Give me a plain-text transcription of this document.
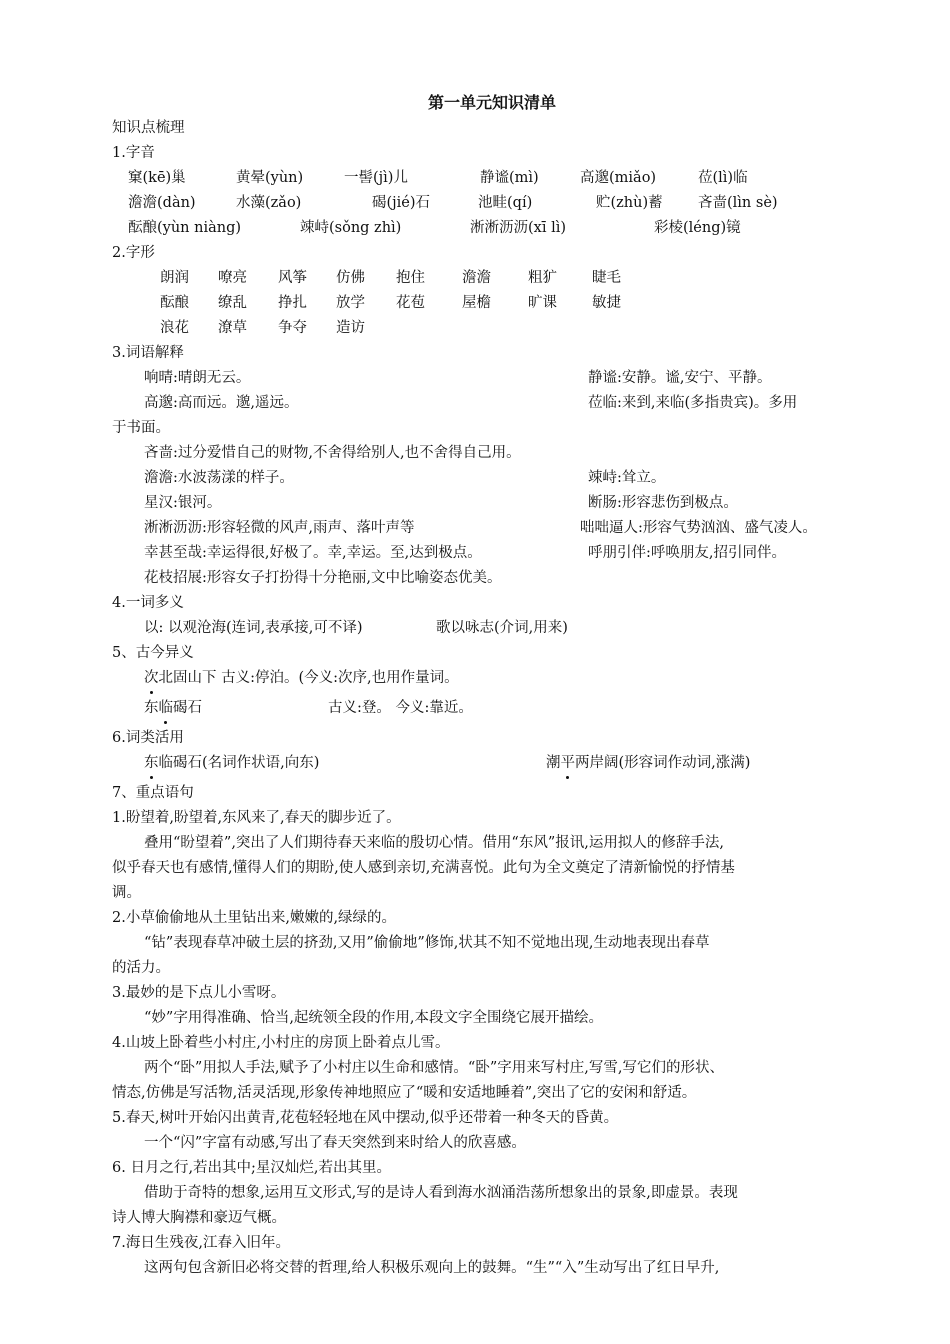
第一单元知识清单
知识点梳理
1.字音
窠(kē)巢	黄晕(yùn)	一髻(jì)儿	静谧(mì)	高邈(miǎo)	莅(lì)临
澹澹(dàn)	水藻(zǎo)	碣(jié)石	池畦(qí)	贮(zhù)蓄	吝啬(lìn sè)
酝酿(yùn niàng)	竦峙(sǒng zhì)	淅淅沥沥(xī lì)	彩棱(léng)镜
2.字形
朗润	嘹亮	风筝	仿佛	抱住	澹澹	粗犷	睫毛
酝酿	缭乱	挣扎	放学	花苞	屋檐	旷课	敏捷
浪花	潦草	争夺	造访
3.词语解释
响晴:晴朗无云。	静谧:安静。谧,安宁、平静。
高邈:高而远。邈,遥远。	莅临:来到,来临(多指贵宾)。多用
于书面。
吝啬:过分爱惜自己的财物,不舍得给别人,也不舍得自己用。
澹澹:水波荡漾的样子。	竦峙:耸立。
星汉:银河。	断肠:形容悲伤到极点。
淅淅沥沥:形容轻微的风声,雨声、落叶声等	咄咄逼人:形容气势汹汹、盛气凌人。
幸甚至哉:幸运得很,好极了。幸,幸运。至,达到极点。	呼朋引伴:呼唤朋友,招引同伴。
花枝招展:形容女子打扮得十分艳丽,文中比喻姿态优美。
4.一词多义
以: 以观沧海(连词,表承接,可不译)	歌以咏志(介词,用来)
5、古今异义
次北固山下 古义:停泊。(今义:次序,也用作量词。
东临碣石	古义:登。 今义:靠近。
6.词类活用
东临碣石(名词作状语,向东)	潮平两岸阔(形容词作动词,涨满)
7、重点语句
1.盼望着,盼望着,东风来了,春天的脚步近了。
叠用“盼望着”,突出了人们期待春天来临的殷切心情。借用“东风”报讯,运用拟人的修辞手法,
似乎春天也有感情,懂得人们的期盼,使人感到亲切,充满喜悦。此句为全文奠定了清新愉悦的抒情基
调。
2.小草偷偷地从土里钻出来,嫩嫩的,绿绿的。
“钻”表现春草冲破土层的挤劲,又用”偷偷地”修饰,状其不知不觉地出现,生动地表现出春草
的活力。
3.最妙的是下点儿小雪呀。
“妙”字用得准确、恰当,起统领全段的作用,本段文字全围绕它展开描绘。
4.山坡上卧着些小村庄,小村庄的房顶上卧着点儿雪。
两个“卧”用拟人手法,赋予了小村庄以生命和感情。“卧”字用来写村庄,写雪,写它们的形状、
情态,仿佛是写活物,活灵活现,形象传神地照应了“暖和安适地睡着”,突出了它的安闲和舒适。
5.春天,树叶开始闪出黄青,花苞轻轻地在风中摆动,似乎还带着一种冬天的昏黄。
一个“闪”字富有动感,写出了春天突然到来时给人的欣喜感。
6. 日月之行,若出其中;星汉灿烂,若出其里。
借助于奇特的想象,运用互文形式,写的是诗人看到海水汹涌浩荡所想象出的景象,即虚景。表现
诗人博大胸襟和豪迈气概。
7.海日生残夜,江春入旧年。
这两句包含新旧必将交替的哲理,给人积极乐观向上的鼓舞。“生”“入”生动写出了红日早升,
